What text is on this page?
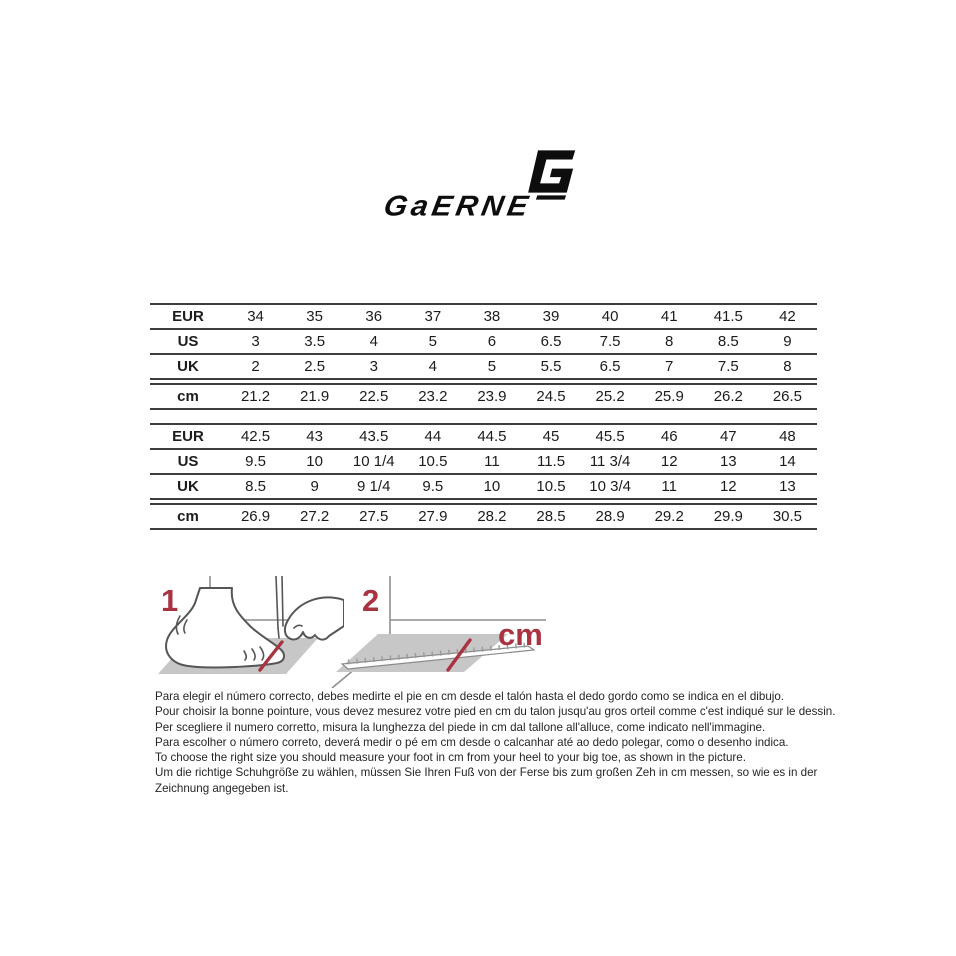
GaERNE
EUR	34	35	36	37	38	39	40	41	41.5	42
US	3	3.5	4	5	6	6.5	7.5	8	8.5	9
UK	2	2.5	3	4	5	5.5	6.5	7	7.5	8
cm	21.2	21.9	22.5	23.2	23.9	24.5	25.2	25.9	26.2	26.5
EUR	42.5	43	43.5	44	44.5	45	45.5	46	47	48
US	9.5	10	10 1/4	10.5	11	11.5	11 3/4	12	13	14
UK	8.5	9	9 1/4	9.5	10	10.5	10 3/4	11	12	13
cm	26.9	27.2	27.5	27.9	28.2	28.5	28.9	29.2	29.9	30.5
1	2
cm

Para elegir el número correcto, debes medirte el pie en cm desde el talón hasta el dedo gordo como se indica en el dibujo.

Pour choisir la bonne pointure, vous devez mesurez votre pied en cm du talon jusqu'au gros orteil comme c'est indiqué sur le dessin.

Per scegliere il numero corretto, misura la lunghezza del piede in cm dal tallone all'alluce, come indicato nell'immagine.

Para escolher o número correto, deverá medir o pé em cm desde o calcanhar até ao dedo polegar, como o desenho indica.

To choose the right size you should measure your foot in cm from your heel to your big toe, as shown in the picture.

Um die richtige Schuhgröße zu wählen, müssen Sie Ihren Fuß von der Ferse bis zum großen Zeh in cm messen, so wie es in der Zeichnung angegeben ist.
